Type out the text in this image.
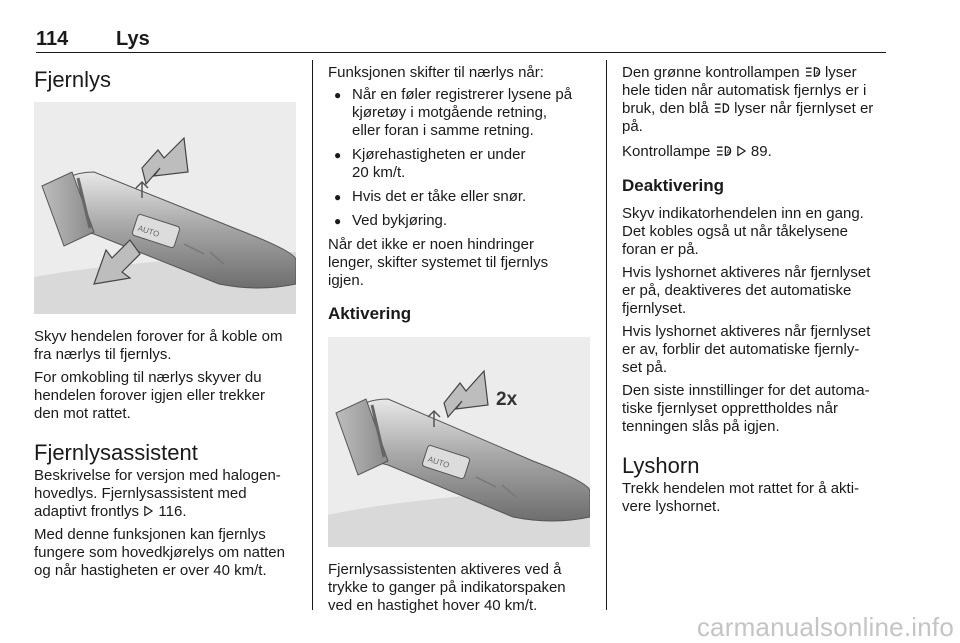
114 Lys
Fjernlys
AUTO

Skyv hendelen forover for å koble om

fra nærlys til fjernlys.

For omkobling til nærlys skyver du

hendelen forover igjen eller trekker

den mot rattet.

Fjernlysassistent

Beskrivelse for versjon med halogen-

hovedlys. Fjernlysassistent med

adaptivt frontlys 116.

Med denne funksjonen kan fjernlys

fungere som hovedkjørelys om natten

og når hastigheten er over 40 km/t.

Funksjonen skifter til nærlys når:

● Når en føler registrerer lysene på
kjøretøy i motgående retning,
eller foran i samme retning.
● Kjørehastigheten er under
20 km/t.
● Hvis det er tåke eller snør.
● Ved bykjøring.

Når det ikke er noen hindringer

lenger, skifter systemet til fjernlys

igjen.

Aktivering
AUTO
2x

Fjernlysassistenten aktiveres ved å

trykke to ganger på indikatorspaken

ved en hastighet hover 40 km/t.

Den grønne kontrollampen lyser

hele tiden når automatisk fjernlys er i

bruk, den blå lyser når fjernlyset er

på.

Kontrollampe	89.

Deaktivering

Skyv indikatorhendelen inn en gang.

Det kobles også ut når tåkelysene

foran er på.

Hvis lyshornet aktiveres når fjernlyset

er på, deaktiveres det automatiske

fjernlyset.

Hvis lyshornet aktiveres når fjernlyset

er av, forblir det automatiske fjernly-

set på.

Den siste innstillinger for det automa-

tiske fjernlyset opprettholdes når

tenningen slås på igjen.

Lyshorn

Trekk hendelen mot rattet for å akti-

vere lyshornet.

carmanualsonline.info
